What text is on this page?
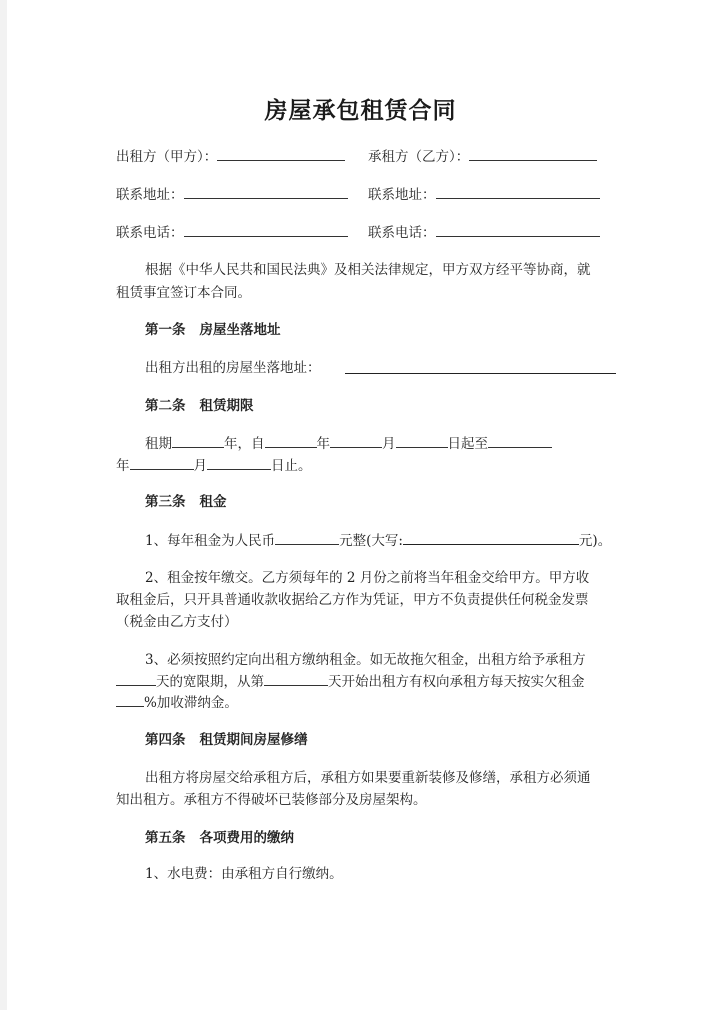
房屋承包租赁合同
出租方（甲方）：	承租方（乙方）：
联系地址：	联系地址：
联系电话：	联系电话：
根据《中华人民共和国民法典》及相关法律规定，甲方双方经平等协商，就
租赁事宜签订本合同。
第一条 房屋坐落地址
出租方出租的房屋坐落地址：
第二条 租赁期限
租期	年，自	年	月	日起至
年	月	日止。
第三条 租金
1、每年租金为人民币	元整(大写:	元)。
2、租金按年缴交。乙方须每年的 2 月份之前将当年租金交给甲方。甲方收
取租金后，只开具普通收款收据给乙方作为凭证，甲方不负责提供任何税金发票
（税金由乙方支付）
3、必须按照约定向出租方缴纳租金。如无故拖欠租金，出租方给予承租方
天的宽限期，从第	天开始出租方有权向承租方每天按实欠租金
%加收滞纳金。
第四条 租赁期间房屋修缮
出租方将房屋交给承租方后，承租方如果要重新装修及修缮，承租方必须通
知出租方。承租方不得破坏已装修部分及房屋架构。
第五条 各项费用的缴纳
1、水电费：由承租方自行缴纳。
